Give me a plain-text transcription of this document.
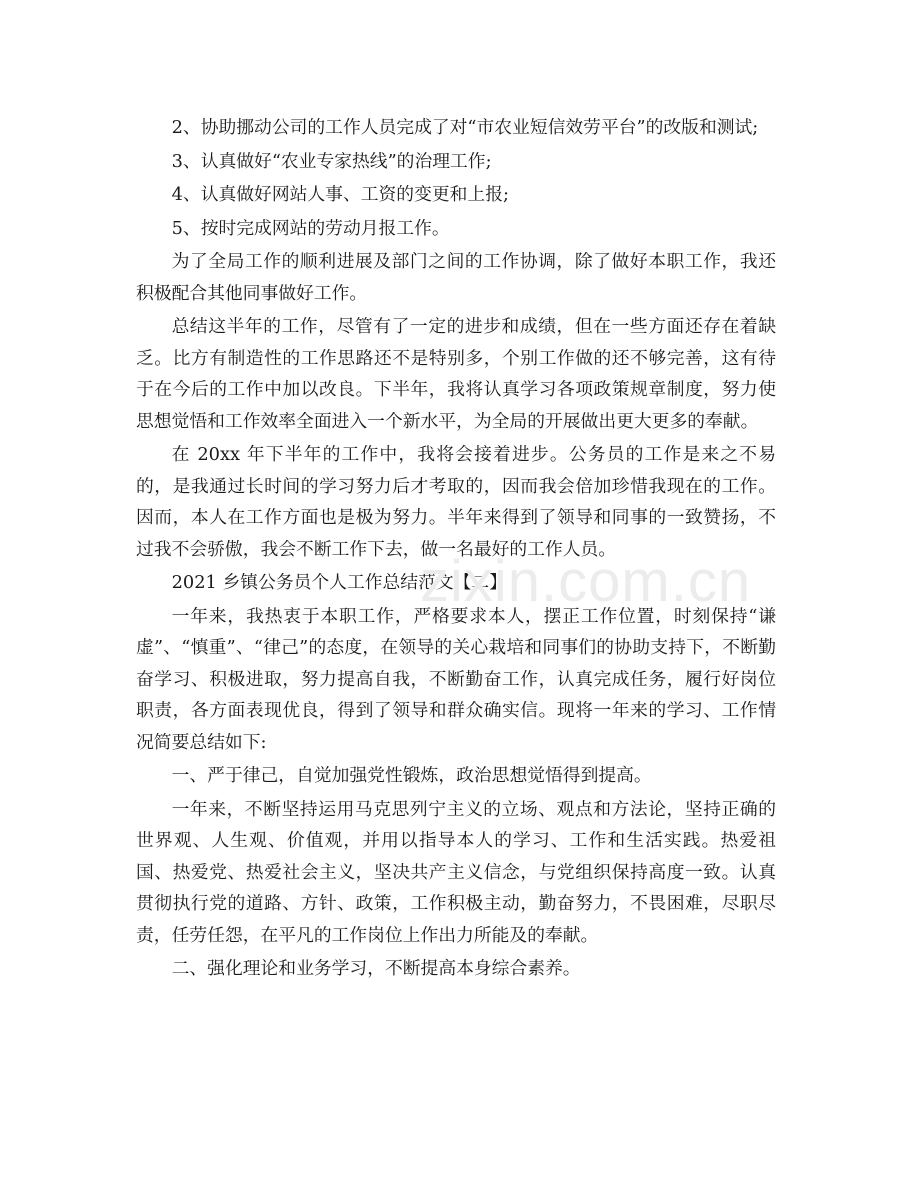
2、协助挪动公司的工作人员完成了对“市农业短信效劳平台”的改版和测试;

3、认真做好“农业专家热线”的治理工作;

4、认真做好网站人事、工资的变更和上报;

5、按时完成网站的劳动月报工作。

为了全局工作的顺利进展及部门之间的工作协调，除了做好本职工作，我还积极配合其他同事做好工作。

总结这半年的工作，尽管有了一定的进步和成绩，但在一些方面还存在着缺乏。比方有制造性的工作思路还不是特别多，个别工作做的还不够完善，这有待于在今后的工作中加以改良。下半年，我将认真学习各项政策规章制度，努力使思想觉悟和工作效率全面进入一个新水平，为全局的开展做出更大更多的奉献。

在 20xx 年下半年的工作中，我将会接着进步。公务员的工作是来之不易的，是我通过长时间的学习努力后才考取的，因而我会倍加珍惜我现在的工作。因而，本人在工作方面也是极为努力。半年来得到了领导和同事的一致赞扬，不过我不会骄傲，我会不断工作下去，做一名最好的工作人员。

2021 乡镇公务员个人工作总结范文【二】

一年来，我热衷于本职工作，严格要求本人，摆正工作位置，时刻保持“谦虚”、“慎重”、“律己”的态度，在领导的关心栽培和同事们的协助支持下，不断勤奋学习、积极进取，努力提高自我，不断勤奋工作，认真完成任务，履行好岗位职责，各方面表现优良，得到了领导和群众确实信。现将一年来的学习、工作情况简要总结如下:

一、严于律己，自觉加强党性锻炼，政治思想觉悟得到提高。

一年来，不断坚持运用马克思列宁主义的立场、观点和方法论，坚持正确的世界观、人生观、价值观，并用以指导本人的学习、工作和生活实践。热爱祖国、热爱党、热爱社会主义，坚决共产主义信念，与党组织保持高度一致。认真贯彻执行党的道路、方针、政策，工作积极主动，勤奋努力，不畏困难，尽职尽责，任劳任怨，在平凡的工作岗位上作出力所能及的奉献。

二、强化理论和业务学习，不断提高本身综合素养。

zixin.com.cn
